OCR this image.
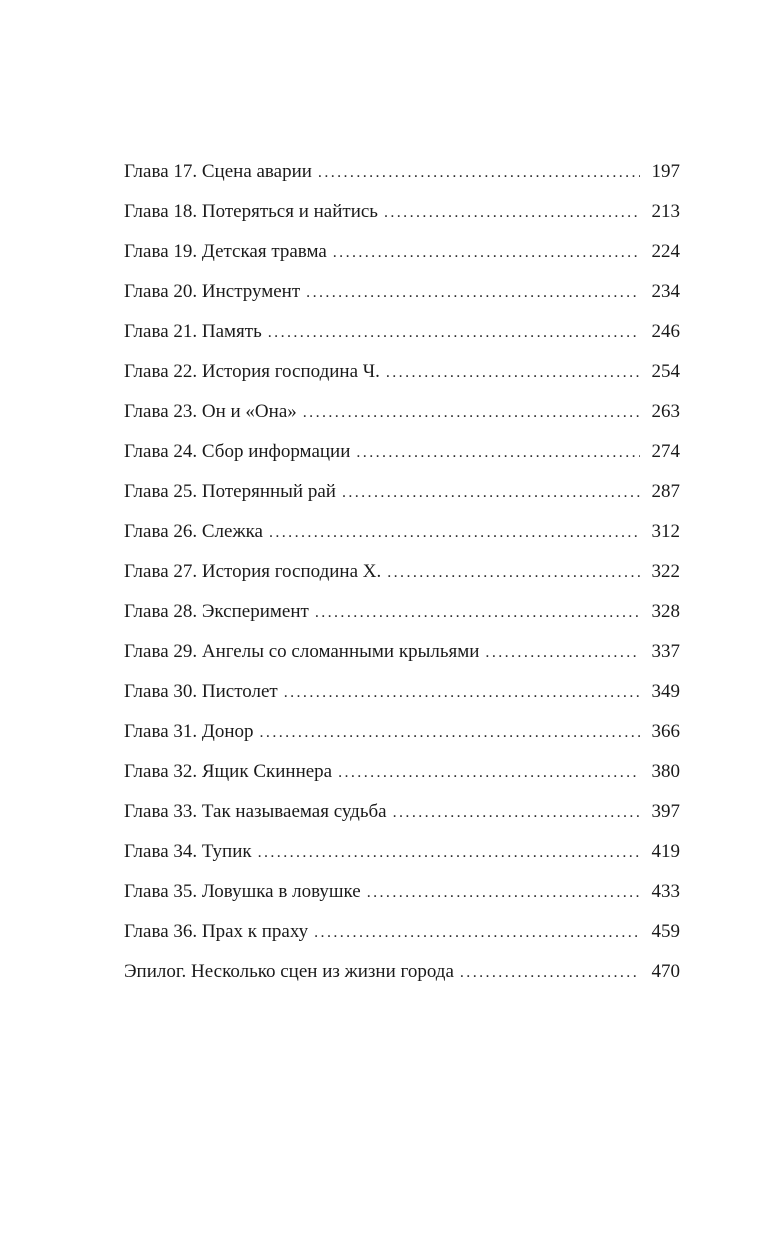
Глава 17. Сцена аварии . . .	197
Глава 18. Потеряться и найтись . . .	213
Глава 19. Детская травма . . .	224
Глава 20. Инструмент . . .	234
Глава 21. Память . . .	246
Глава 22. История господина Ч. . . .	254
Глава 23. Он и «Она» . . .	263
Глава 24. Сбор информации . . .	274
Глава 25. Потерянный рай . . .	287
Глава 26. Слежка . . .	312
Глава 27. История господина Х. . . .	322
Глава 28. Эксперимент . . .	328
Глава 29. Ангелы со сломанными крыльями . . .	337
Глава 30. Пистолет . . .	349
Глава 31. Донор . . .	366
Глава 32. Ящик Скиннера . . .	380
Глава 33. Так называемая судьба . . .	397
Глава 34. Тупик . . .	419
Глава 35. Ловушка в ловушке . . .	433
Глава 36. Прах к праху . . .	459
Эпилог. Несколько сцен из жизни города . . .	470
